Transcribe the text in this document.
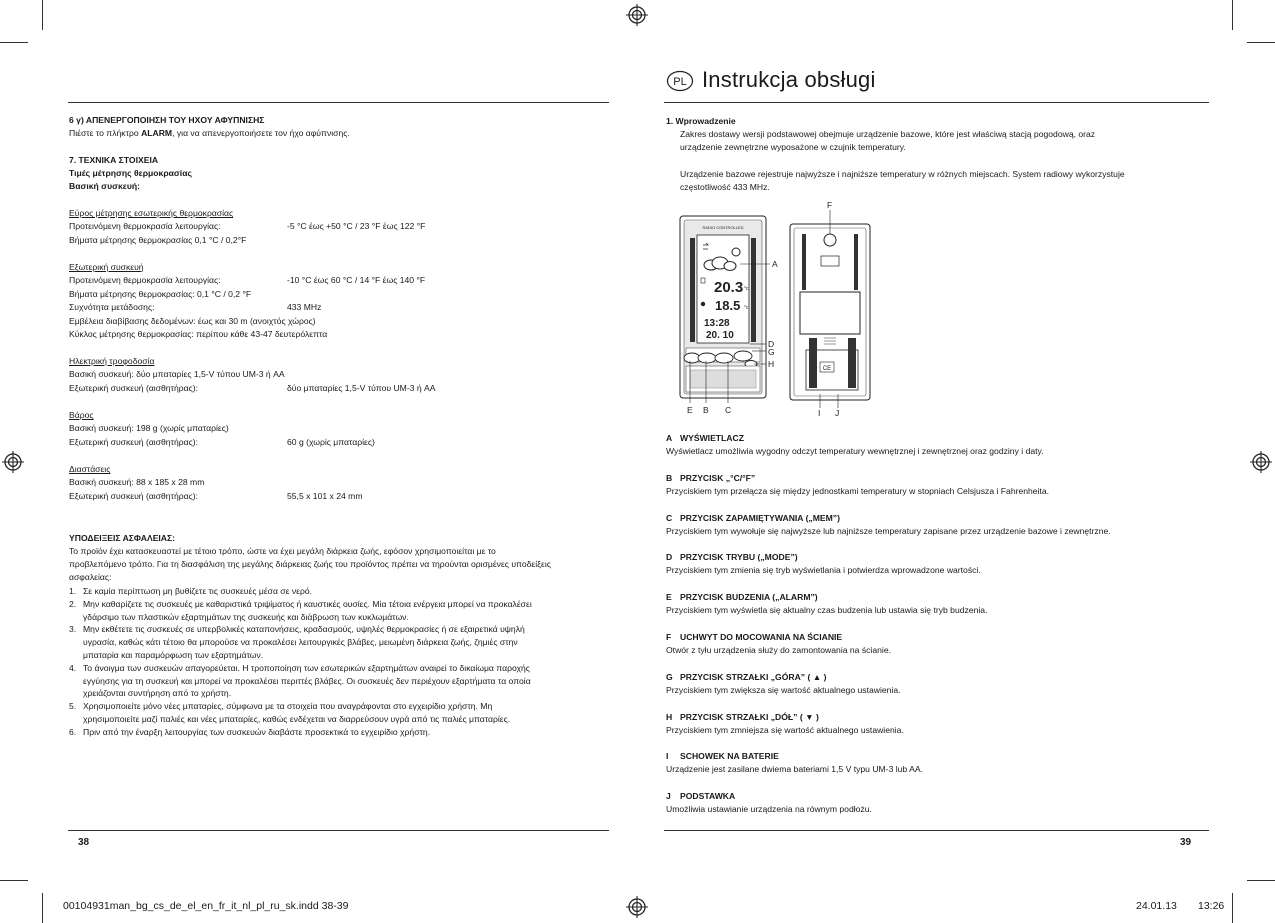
6 γ) ΑΠΕΝΕΡΓΟΠΟΙΗΣΗ ΤΟΥ ΗΧΟΥ ΑΦΥΠΝΙΣΗΣ
Πιέστε το πλήκτρο ALARM, για να απενεργοποιήσετε τον ήχο αφύπνισης.
7. ΤΕΧΝΙΚΑ ΣΤΟΙΧΕΙΑ
Τιμές μέτρησης θερμοκρασίας
Βασική συσκευή:
Εύρος μέτρησης εσωτερικής θερμοκρασίας
Προτεινόμενη θερμοκρασία λειτουργίας:	-5 °C έως +50 °C / 23 °F έως 122 °F
Βήματα μέτρησης θερμοκρασίας 0,1 °C / 0,2°F
Εξωτερική συσκευή
Προτεινόμενη θερμοκρασία λειτουργίας:	-10 °C έως 60 °C / 14 °F έως 140 °F
Βήματα μέτρησης θερμοκρασίας: 0,1 °C / 0,2 °F
Συχνότητα μετάδοσης:	433 MHz
Εμβέλεια διαβίβασης δεδομένων: έως και 30 m (ανοιχτός χώρος)
Κύκλος μέτρησης θερμοκρασίας: περίπου κάθε 43-47 δευτερόλεπτα
Ηλεκτρική τροφοδοσία
Βασική συσκευή: δύο μπαταρίες 1,5-V τύπου UM-3 ή AA
Εξωτερική συσκευή (αισθητήρας):	δύο μπαταρίες 1,5-V τύπου UM-3 ή AA
Βάρος
Βασική συσκευή: 198 g (χωρίς μπαταρίες)
Εξωτερική συσκευή (αισθητήρας):	60 g (χωρίς μπαταρίες)
Διαστάσεις
Βασική συσκευή: 88 x 185 x 28 mm
Εξωτερική συσκευή (αισθητήρας):	55,5 x 101 x 24 mm
ΥΠΟΔΕΙΞΕΙΣ ΑΣΦΑΛΕΙΑΣ:
Το προϊόν έχει κατασκευαστεί με τέτοιο τρόπο, ώστε να έχει μεγάλη διάρκεια ζωής, εφόσον χρησιμοποιείται με το
προβλεπόμενο τρόπο. Για τη διασφάλιση της μεγάλης διάρκειας ζωής του προϊόντος πρέπει να τηρούνται ορισμένες υποδείξεις
ασφαλείας:
1. Σε καμία περίπτωση μη βυθίζετε τις συσκευές μέσα σε νερό.
2. Μην καθαρίζετε τις συσκευές με καθαριστικά τριψίματος ή καυστικές ουσίες. Μία τέτοια ενέργεια μπορεί να προκαλέσει
γδάρσιμο των πλαστικών εξαρτημάτων της συσκευής και διάβρωση των κυκλωμάτων.
3. Μην εκθέτετε τις συσκευές σε υπερβολικές καταπονήσεις, κραδασμούς, υψηλές θερμοκρασίες ή σε εξαιρετικά υψηλή
υγρασία, καθώς κάτι τέτοιο θα μπορούσε να προκαλέσει λειτουργικές βλάβες, μειωμένη διάρκεια ζωής, ζημιές στην
μπαταρία και παραμόρφωση των εξαρτημάτων.
4. Το άνοιγμα των συσκευών απαγορεύεται. Η τροποποίηση των εσωτερικών εξαρτημάτων αναιρεί το δικαίωμα παροχής
εγγύησης για τη συσκευή και μπορεί να προκαλέσει περιττές βλάβες. Οι συσκευές δεν περιέχουν εξαρτήματα τα οποία
χρειάζονται συντήρηση από το χρήστη.
5. Χρησιμοποιείτε μόνο νέες μπαταρίες, σύμφωνα με τα στοιχεία που αναγράφονται στο εγχειρίδιο χρήστη. Μη
χρησιμοποιείτε μαζί παλιές και νέες μπαταρίες, καθώς ενδέχεται να διαρρεύσουν υγρά από τις παλιές μπαταρίες.
6. Πριν από την έναρξη λειτουργίας των συσκευών διαβάστε προσεκτικά το εγχειρίδιο χρήστη.
38
PL Instrukcja obsługi
1. Wprowadzenie
Zakres dostawy wersji podstawowej obejmuje urządzenie bazowe, które jest właściwą stacją pogodową, oraz
urządzenie zewnętrzne wyposażone w czujnik temperatury.
Urządzenie bazowe rejestruje najwyższe i najniższe temperatury w różnych miejscach. System radiowy wykorzystuje
częstotliwość 433 MHz.
RADIO CONTROLLED
20.3 °c
18.5 °c
13:28
20. 10
CE
A
D
G
H
E B C
F
I J
A WYŚWIETLACZ
Wyświetlacz umożliwia wygodny odczyt temperatury wewnętrznej i zewnętrznej oraz godziny i daty.
B PRZYCISK „°C/°F”
Przyciskiem tym przełącza się między jednostkami temperatury w stopniach Celsjusza i Fahrenheita.
C PRZYCISK ZAPAMIĘTYWANIA („MEM”)
Przyciskiem tym wywołuje się najwyższe lub najniższe temperatury zapisane przez urządzenie bazowe i zewnętrzne.
D PRZYCISK TRYBU („MODE”)
Przyciskiem tym zmienia się tryb wyświetlania i potwierdza wprowadzone wartości.
E PRZYCISK BUDZENIA („ALARM”)
Przyciskiem tym wyświetla się aktualny czas budzenia lub ustawia się tryb budzenia.
F UCHWYT DO MOCOWANIA NA ŚCIANIE
Otwór z tyłu urządzenia służy do zamontowania na ścianie.
G PRZYCISK STRZAŁKI „GÓRA” ( ▲ )
Przyciskiem tym zwiększa się wartość aktualnego ustawienia.
H PRZYCISK STRZAŁKI „DÓŁ” ( ▼ )
Przyciskiem tym zmniejsza się wartość aktualnego ustawienia.
I SCHOWEK NA BATERIE
Urządzenie jest zasilane dwiema bateriami 1,5 V typu UM-3 lub AA.
J PODSTAWKA
Umożliwia ustawianie urządzenia na równym podłożu.
39
00104931man_bg_cs_de_el_en_fr_it_nl_pl_ru_sk.indd 38-39	24.01.13 13:26
